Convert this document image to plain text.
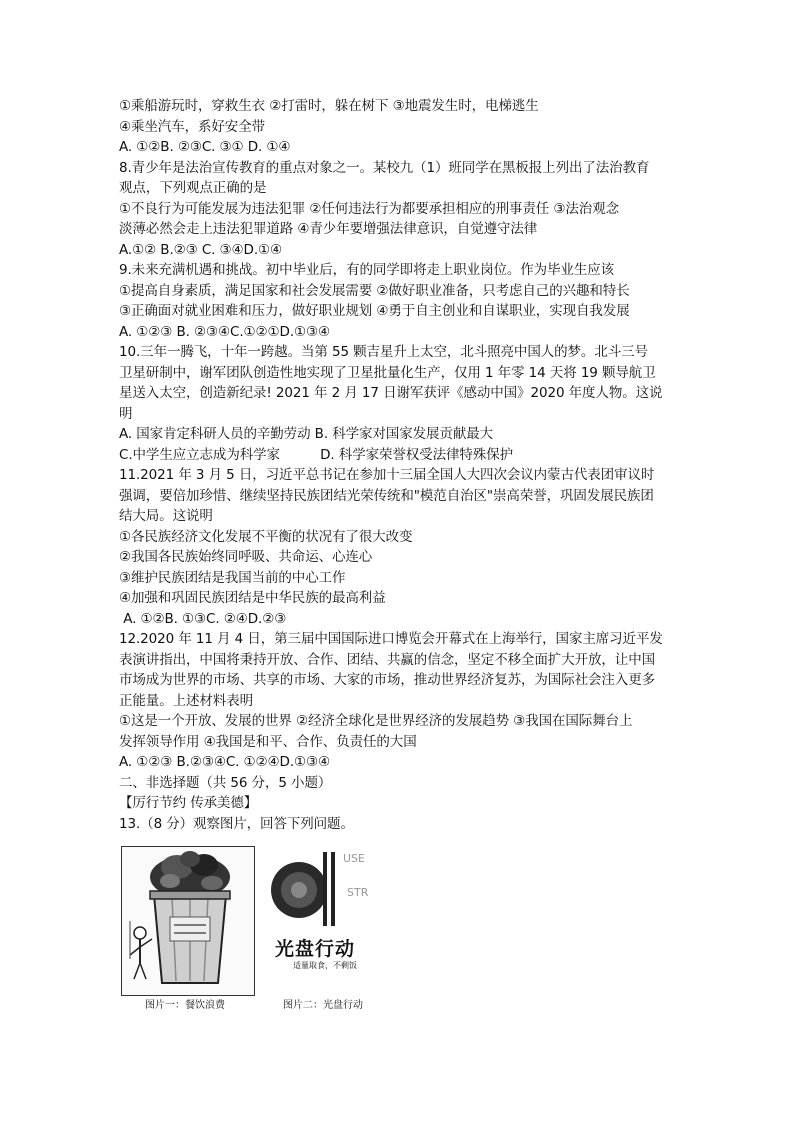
①乘船游玩时，穿救生衣 ②打雷时，躲在树下 ③地震发生时，电梯逃生
④乘坐汽车，系好安全带
A. ①②B. ②③C. ③① D. ①④
8.青少年是法治宣传教育的重点对象之一。某校九（1）班同学在黑板报上列出了法治教育
观点，下列观点正确的是
①不良行为可能发展为违法犯罪 ②任何违法行为都要承担相应的刑事责任 ③法治观念
淡薄必然会走上违法犯罪道路 ④青少年要增强法律意识，自觉遵守法律
A.①② B.②③ C. ③④D.①④
9.未来充满机遇和挑战。初中毕业后，有的同学即将走上职业岗位。作为毕业生应该
①提高自身素质，满足国家和社会发展需要 ②做好职业准备，只考虑自己的兴趣和特长
③正确面对就业困难和压力，做好职业规划 ④勇于自主创业和自谋职业，实现自我发展
A. ①②③ B. ②③④C.①②①D.①③④
10.三年一腾飞，十年一跨越。当第 55 颗吉星升上太空，北斗照亮中国人的梦。北斗三号
卫星研制中，谢军团队创造性地实现了卫星批量化生产，仅用 1 年零 14 天将 19 颗导航卫
星送入太空，创造新纪录! 2021 年 2 月 17 日谢军获评《感动中国》2020 年度人物。这说
明
A. 国家肯定科研人员的辛勤劳动 B. 科学家对国家发展贡献最大
C.中学生应立志成为科学家　　　D. 科学家荣誉权受法律特殊保护
11.2021 年 3 月 5 日，习近平总书记在参加十三届全国人大四次会议内蒙古代表团审议时
强调，要倍加珍惜、继续坚持民族团结光荣传统和"模范自治区"崇高荣誉，巩固发展民族团
结大局。这说明
①各民族经济文化发展不平衡的状况有了很大改变
②我国各民族始终同呼吸、共命运、心连心
③维护民族团结是我国当前的中心工作
④加强和巩固民族团结是中华民族的最高利益
A. ①②B. ①③C. ②④D.②③
12.2020 年 11 月 4 日，第三届中国国际进口博览会开幕式在上海举行，国家主席习近平发
表演讲指出，中国将秉持开放、合作、团结、共赢的信念，坚定不移全面扩大开放，让中国
市场成为世界的市场、共享的市场、大家的市场，推动世界经济复苏，为国际社会注入更多
正能量。上述材料表明
①这是一个开放、发展的世界 ②经济全球化是世界经济的发展趋势 ③我国在国际舞台上
发挥领导作用 ④我国是和平、合作、负责任的大国
A. ①②③ B.②③④C. ①②④D.①③④
二、非选择题（共 56 分，5 小题）
【厉行节约 传承美德】
13.（8 分）观察图片，回答下列问题。
USE
STR
光盘行动
适量取食，不剩饭
图片一：餐饮浪费	图片二：光盘行动
